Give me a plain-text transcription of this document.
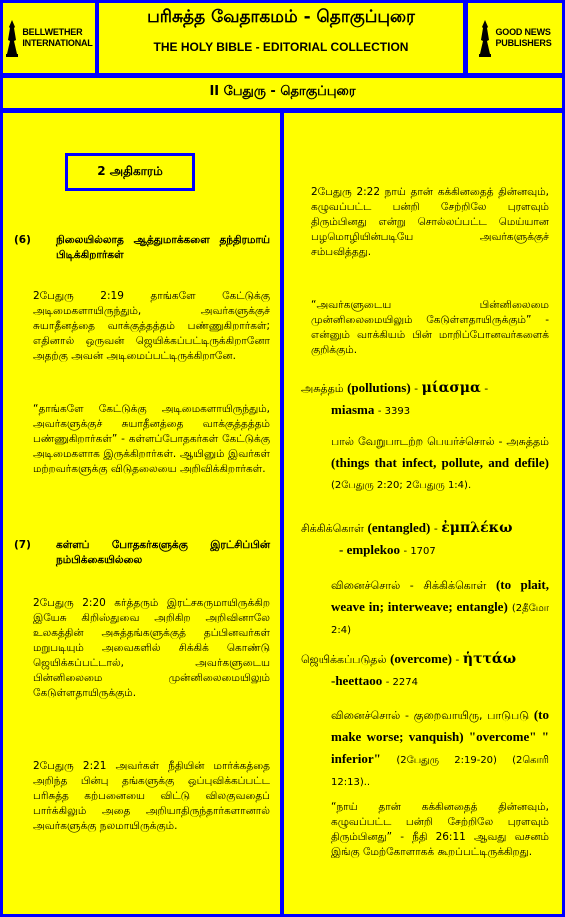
BELLWETHER
INTERNATIONAL
பரிசுத்த வேதாகமம் - தொகுப்புரை
THE HOLY BIBLE - EDITORIAL COLLECTION
GOOD NEWS
PUBLISHERS
II பேதுரு - தொகுப்புரை
2 அதிகாரம்
(6)	நிலையில்லாத ஆத்துமாக்களை தந்திரமாய் பிடிக்கிறார்கள்

2பேதுரு 2:19 தாங்களே கேட்டுக்கு அடிமைகளாயிருந்தும், அவர்களுக்குச் சுயாதீனத்தை வாக்குத்தத்தம் பண்ணுகிறார்கள்; எதினால் ஒருவன் ஜெயிக்கப்பட்டிருக்கிறானோ அதற்கு அவன் அடிமைப்பட்டிருக்கிறானே.

“தாங்களே கேட்டுக்கு அடிமைகளாயிருந்தும், அவர்களுக்குச் சுயாதீனத்தை வாக்குத்தத்தம் பண்ணுகிறார்கள்” - கள்ளப்போதகர்கள் கேட்டுக்கு அடிமைகளாக இருக்கிறார்கள். ஆயினும் இவர்கள் மற்றவர்களுக்கு விடுதலையை அறிவிக்கிறார்கள்.

(7)	கள்ளப் போதகர்களுக்கு இரட்சிப்பின் நம்பிக்கையில்லை

2பேதுரு 2:20 கர்த்தரும் இரட்சகருமாயிருக்கிற இயேசு கிறிஸ்துவை அறிகிற அறிவினாலே உலகத்தின் அசுத்தங்களுக்குத் தப்பினவர்கள் மறுபடியும் அவைகளில் சிக்கிக் கொண்டு ஜெயிக்கப்பட்டால், அவர்களுடைய பின்னிலைமை முன்னிலைமையிலும் கேடுள்ளதாயிருக்கும்.

2பேதுரு 2:21 அவர்கள் நீதியின் மார்க்கத்தை அறிந்த பின்பு தங்களுக்கு ஒப்புவிக்கப்பட்ட பரிசுத்த கற்பனையை விட்டு விலகுவதைப் பார்க்கிலும் அதை அறியாதிருந்தார்களானால் அவர்களுக்கு நலமாயிருக்கும்.

2பேதுரு 2:22 நாய் தான் கக்கினதைத் தின்னவும், கழுவப்பட்ட பன்றி சேற்றிலே புரளவும் திரும்பினது என்று சொல்லப்பட்ட மெய்யான பழமொழியின்படியே அவர்களுக்குச் சம்பவித்தது.

“அவர்களுடைய பின்னிலைமை முன்னிலைமையிலும் கேடுள்ளதாயிருக்கும்” - என்னும் வாக்கியம் பின் மாறிப்போனவர்களைக் குறிக்கும்.

அசுத்தம் (pollutions) - μίασμα -

miasma - 3393

பால் வேறுபாடற்ற பெயர்ச்சொல் - அசுத்தம் (things that infect, pollute, and defile) (2பேதுரு 2:20; 2பேதுரு 1:4).

சிக்கிக்கொள் (entangled) - ἐμπλέκω

- emplekoo - 1707

வினைச்சொல் - சிக்கிக்கொள் (to plait, weave in; interweave; entangle) (2தீமோ 2:4)

ஜெயிக்கப்படுதல் (overcome) - ἡττάω

-heettaoo - 2274

வினைச்சொல் - குறைவாயிரு, பாடுபடு (to make worse; vanquish) "overcome" " inferior" (2பேதுரு 2:19-20) (2கொரி 12:13)..

“நாய் தான் கக்கினதைத் தின்னவும், கழுவப்பட்ட பன்றி சேற்றிலே புரளவும் திரும்பினது” - நீதி 26:11 ஆவது வசனம் இங்கு மேற்கோளாகக் கூறப்பட்டிருக்கிறது.
